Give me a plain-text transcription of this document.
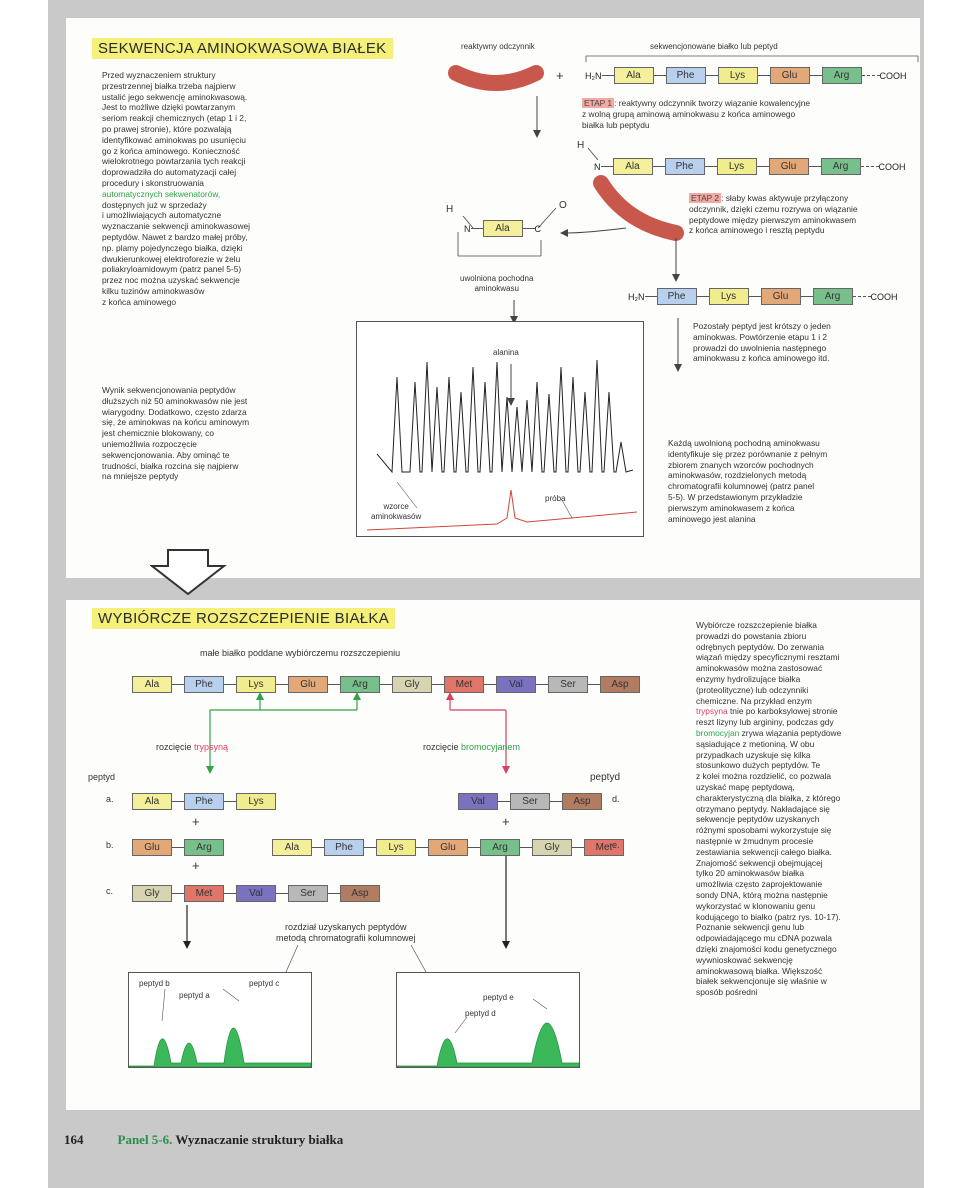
SEKWENCJA AMINOKWASOWA BIAŁEK
Przed wyznaczeniem struktury
przestrzennej białka trzeba najpierw
ustalić jego sekwencję aminokwasową.
Jest to możliwe dzięki powtarzanym
seriom reakcji chemicznych (etap 1 i 2,
po prawej stronie), które pozwalają
identyfikować aminokwas po usunięciu
go z końca aminowego. Konieczność
wielokrotnego powtarzania tych reakcji
doprowadziła do automatyzacji całej
procedury i skonstruowania
automatycznych sekwenatorów,
dostępnych już w sprzedaży
i umożliwiających automatyczne
wyznaczanie sekwencji aminokwasowej
peptydów. Nawet z bardzo małej próby,
np. plamy pojedynczego białka, dzięki
dwukierunkowej elektroforezie w żelu
poliakryloamidowym (patrz panel 5-5)
przez noc można uzyskać sekwencje
kilku tuzinów aminokwasów
z końca aminowego
Wynik sekwencjonowania peptydów
dłuższych niż 50 aminokwasów nie jest
wiarygodny. Dodatkowo, często zdarza
się, że aminokwas na końcu aminowym
jest chemicznie blokowany, co
uniemożliwia rozpoczęcie
sekwencjonowania. Aby ominąć te
trudności, białka rozcina się najpierw
na mniejsze peptydy
reaktywny odczynnik	sekwencjonowane białko lub peptyd
+ H₂N	Ala	Phe	Lys	Glu	Arg	COOH
ETAP 1 : reaktywny odczynnik tworzy wiązanie kowalencyjne
z wolną grupą aminową aminokwasu z końca aminowego
białka lub peptydu
H
N	Ala	Phe	Lys	Glu	Arg	COOH
ETAP 2 : słaby kwas aktywuje przyłączony
odczynnik, dzięki czemu rozrywa on wiązanie
peptydowe między pierwszym aminokwasem
z końca aminowego i resztą peptydu
H
N	Ala	C
O
uwolniona pochodna
aminokwasu
H₂N	Phe	Lys	Glu	Arg	COOH
Pozostały peptyd jest krótszy o jeden
aminokwas. Powtórzenie etapu 1 i 2
prowadzi do uwolnienia następnego
aminokwasu z końca aminowego itd.
alanina
wzorce
aminokwasów
próba
Każdą uwolnioną pochodną aminokwasu
identyfikuje się przez porównanie z pełnym
zbiorem znanych wzorców pochodnych
aminokwasów, rozdzielonych metodą
chromatografii kolumnowej (patrz panel
5-5). W przedstawionym przykładzie
pierwszym aminokwasem z końca
aminowego jest alanina
WYBIÓRCZE ROZSZCZEPIENIE BIAŁKA
małe białko poddane wybiórczemu rozszczepieniu
Ala	Phe	Lys	Glu	Arg	Gly	Met	Val	Ser	Asp
rozcięcie trypsyną	rozcięcie bromocyjanem
peptyd	peptyd
a.	Ala	Phe	Lys
+
b.	Glu	Arg
+
c.	Gly	Met	Val	Ser	Asp
Val	Ser	Asp	d.
+
Ala	Phe	Lys	Glu	Arg	Gly	Met e.
rozdział uzyskanych peptydów
metodą chromatografii kolumnowej
peptyd b
peptyd a
peptyd c
peptyd e
peptyd d
Wybiórcze rozszczepienie białka
prowadzi do powstania zbioru
odrębnych peptydów. Do zerwania
wiązań między specyficznymi resztami
aminokwasów można zastosować
enzymy hydrolizujące białka
(proteolityczne) lub odczynniki
chemiczne. Na przykład enzym
trypsyna tnie po karboksylowej stronie
reszt lizyny lub argininy, podczas gdy
bromocyjan zrywa wiązania peptydowe
sąsiadujące z metioniną. W obu
przypadkach uzyskuje się kilka
stosunkowo dużych peptydów. Te
z kolei można rozdzielić, co pozwala
uzyskać mapę peptydową,
charakterystyczną dla białka, z którego
otrzymano peptydy. Nakładające się
sekwencje peptydów uzyskanych
różnymi sposobami wykorzystuje się
następnie w żmudnym procesie
zestawiania sekwencji całego białka.
Znajomość sekwencji obejmującej
tylko 20 aminokwasów białka
umożliwia często zaprojektowanie
sondy DNA, którą można następnie
wykorzystać w klonowaniu genu
kodującego to białko (patrz rys. 10-17).
Poznanie sekwencji genu lub
odpowiadającego mu cDNA pozwala
dzięki znajomości kodu genetycznego
wywnioskować sekwencję
aminokwasową białka. Większość
białek sekwencjonuje się właśnie w
sposób pośredni
164	Panel 5-6. Wyznaczanie struktury białka
